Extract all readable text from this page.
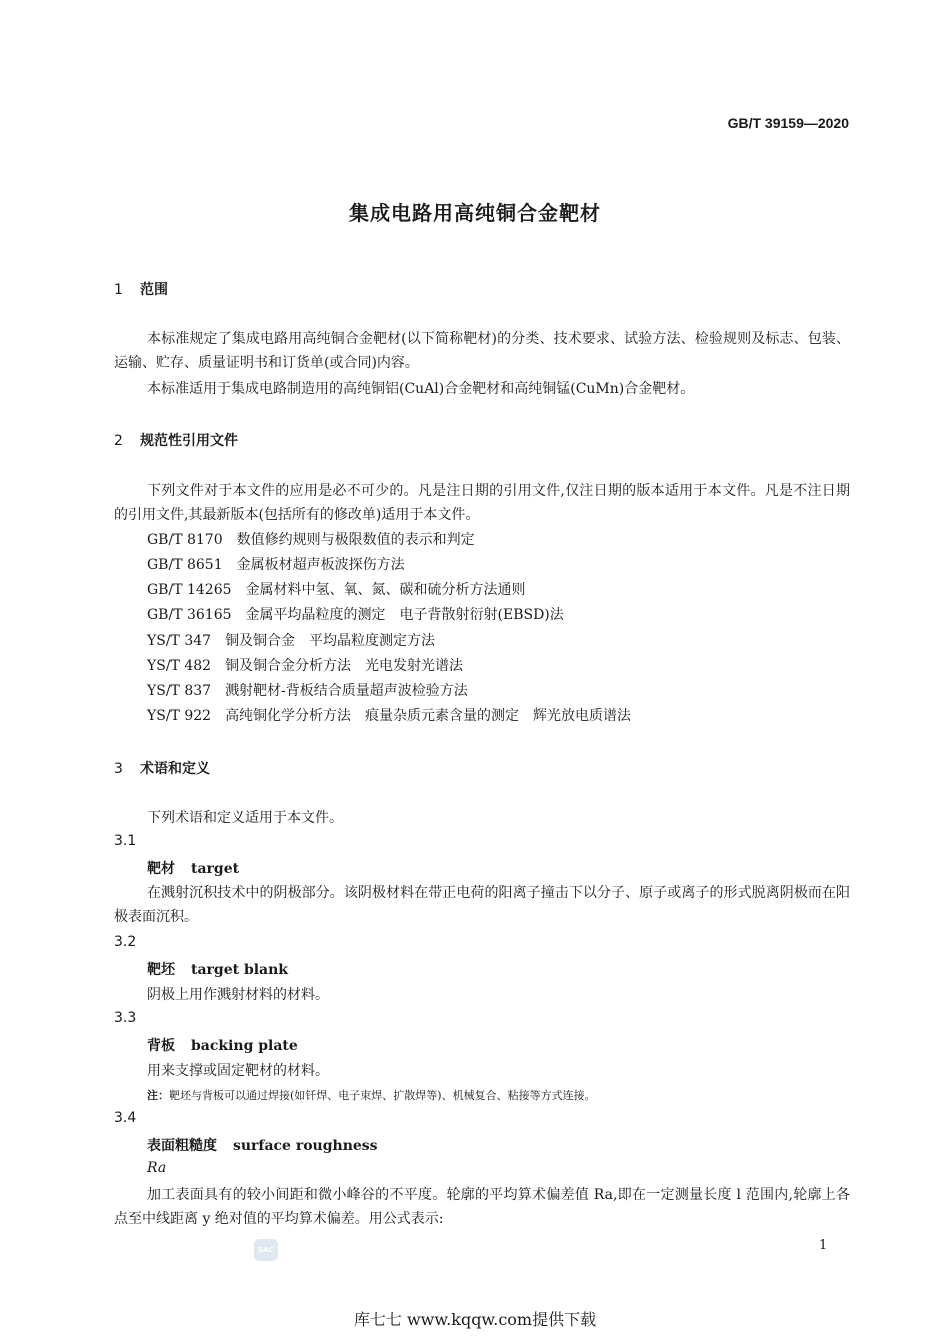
GB/T 39159—2020
集成电路用高纯铜合金靶材
1 范围
本标准规定了集成电路用高纯铜合金靶材(以下简称靶材)的分类、技术要求、试验方法、检验规则及标志、包装、运输、贮存、质量证明书和订货单(或合同)内容。
本标准适用于集成电路制造用的高纯铜铝(CuAl)合金靶材和高纯铜锰(CuMn)合金靶材。
2 规范性引用文件
下列文件对于本文件的应用是必不可少的。凡是注日期的引用文件,仅注日期的版本适用于本文件。凡是不注日期的引用文件,其最新版本(包括所有的修改单)适用于本文件。
GB/T 8170　 数值修约规则与极限数值的表示和判定
GB/T 8651　 金属板材超声板波探伤方法
GB/T 14265　 金属材料中氢、氧、氮、碳和硫分析方法通则
GB/T 36165　 金属平均晶粒度的测定　电子背散射衍射(EBSD)法
YS/T 347　 铜及铜合金　平均晶粒度测定方法
YS/T 482　 铜及铜合金分析方法　光电发射光谱法
YS/T 837　 溅射靶材-背板结合质量超声波检验方法
YS/T 922　 高纯铜化学分析方法　痕量杂质元素含量的测定　辉光放电质谱法
3 术语和定义
下列术语和定义适用于本文件。
3.1
靶材 target
在溅射沉积技术中的阴极部分。该阴极材料在带正电荷的阳离子撞击下以分子、原子或离子的形式脱离阴极而在阳极表面沉积。
3.2
靶坯 target blank
阴极上用作溅射材料的材料。
3.3
背板 backing plate
用来支撑或固定靶材的材料。
注：靶坯与背板可以通过焊接(如钎焊、电子束焊、扩散焊等)、机械复合、粘接等方式连接。
3.4
表面粗糙度 surface roughness
Ra
加工表面具有的较小间距和微小峰谷的不平度。轮廓的平均算术偏差值 Ra,即在一定测量长度 l 范围内,轮廓上各点至中线距离 y 绝对值的平均算术偏差。用公式表示:
SAC	1
库七七 www.kqqw.com提供下载
